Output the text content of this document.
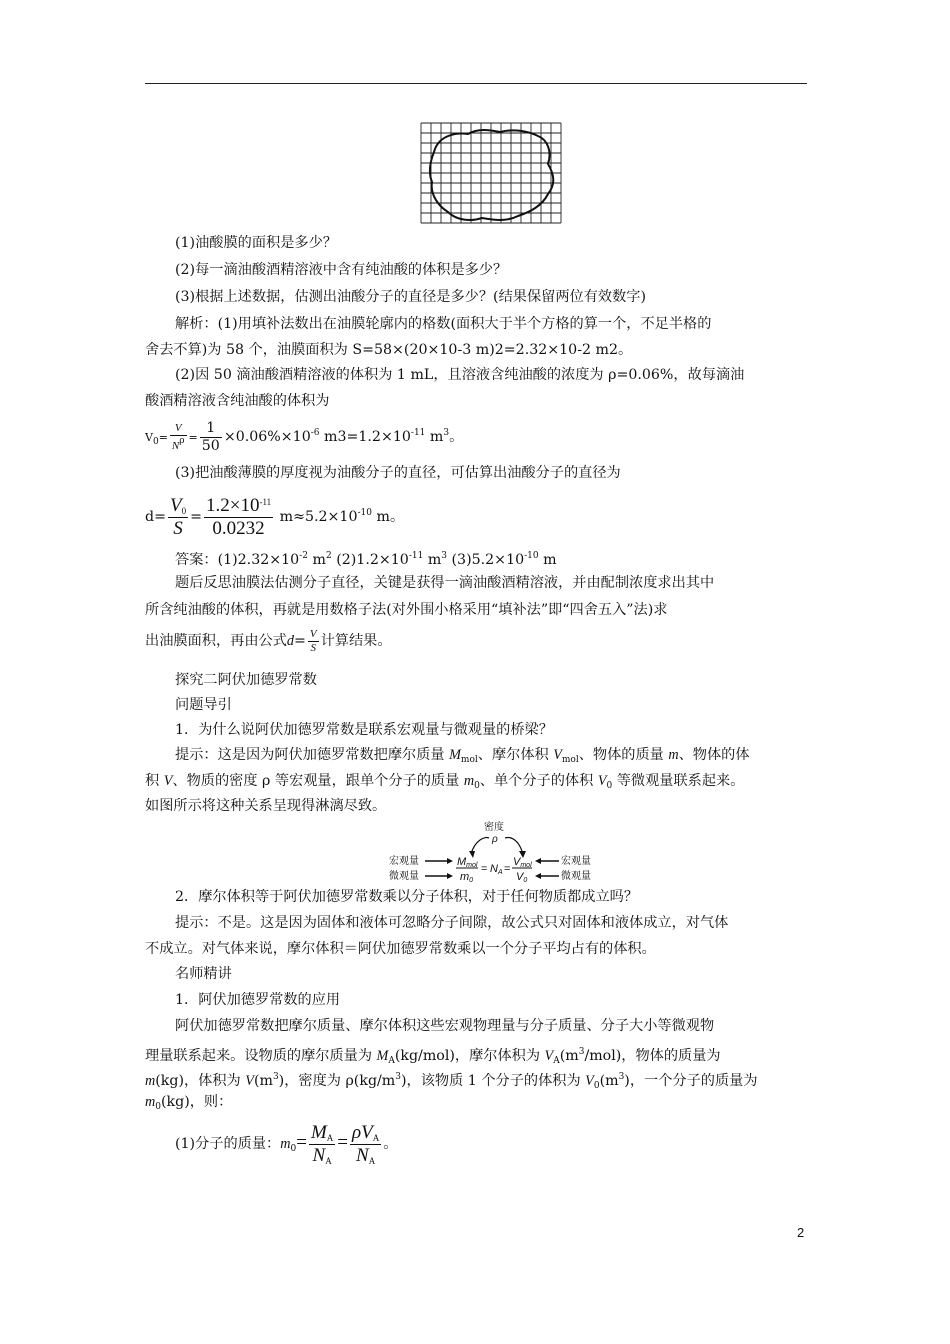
(1)油酸膜的面积是多少？
(2)每一滴油酸酒精溶液中含有纯油酸的体积是多少？
(3)根据上述数据，估测出油酸分子的直径是多少？(结果保留两位有效数字)
解析：(1)用填补法数出在油膜轮廓内的格数(面积大于半个方格的算一个，不足半格的
舍去不算)为 58 个，油膜面积为 S=58×(20×10-3 m)2=2.32×10-2 m2。
(2)因 50 滴油酸酒精溶液的体积为 1 mL，且溶液含纯油酸的浓度为 ρ=0.06%，故每滴油
酸酒精溶液含纯油酸的体积为
$V_0= \frac{V}{N^\rho} = \frac{1}{50} \times 0.06\%\times 10^{-6}$ $m3=1.2\times 10^{-11}$ $m^3$。
(3)把油酸薄膜的厚度视为油酸分子的直径，可估算出油酸分子的直径为
$d= \frac{V_0}{S} = \frac{1.2\times 10^{-11}}{0.0232} m\approx 5.2\times 10^{-10}$ m。
答案：$(1)2.32\times 10^{-2}$ $m^2$ $(2)1.2\times 10^{-11}$ $m^3$ $(3)5.2\times 10^{-10}$ m
题后反思油膜法估测分子直径，关键是获得一滴油酸酒精溶液，并由配制浓度求出其中
所含纯油酸的体积，再就是用数格子法(对外围小格采用“填补法”即“四舍五入”法)求
出油膜面积，再由公式$d= \frac{V}{S}$ 计算结果。
探究二阿伏加德罗常数
问题导引
1．为什么说阿伏加德罗常数是联系宏观量与微观量的桥梁？
提示：这是因为阿伏加德罗常数把摩尔质量 $M_{mol}$、摩尔体积 $V_{mol}$、物体的质量 m、物体的体
积 V、物质的密度 ρ 等宏观量，跟单个分子的质量 $m_0$、单个分子的体积 $V_0$ 等微观量联系起来。
如图所示将这种关系呈现得淋漓尽致。
密度
ρ
宏观量
微观量
Mmol
m0
= NA =
Vmol
V0
宏观量
微观量
2．摩尔体积等于阿伏加德罗常数乘以分子体积，对于任何物质都成立吗？
提示：不是。这是因为固体和液体可忽略分子间隙，故公式只对固体和液体成立，对气体
不成立。对气体来说，摩尔体积＝阿伏加德罗常数乘以一个分子平均占有的体积。
名师精讲
1．阿伏加德罗常数的应用
阿伏加德罗常数把摩尔质量、摩尔体积这些宏观物理量与分子质量、分子大小等微观物
理量联系起来。设物质的摩尔质量为 $M_A(kg/mol)$，摩尔体积为 $V_A(m^3/mol)$，物体的质量为
m(kg)，体积为 $V(m^3)$，密度为 $\rho(kg/m^3)$，该物质 1 个分子的体积为 $V_0(m^3)$，一个分子的质量为
$m_0(kg)$，则：
(1)分子的质量：$m_0= \frac{M_A}{N_A} = \frac{\rho V_A}{N_A}$ 。
2
